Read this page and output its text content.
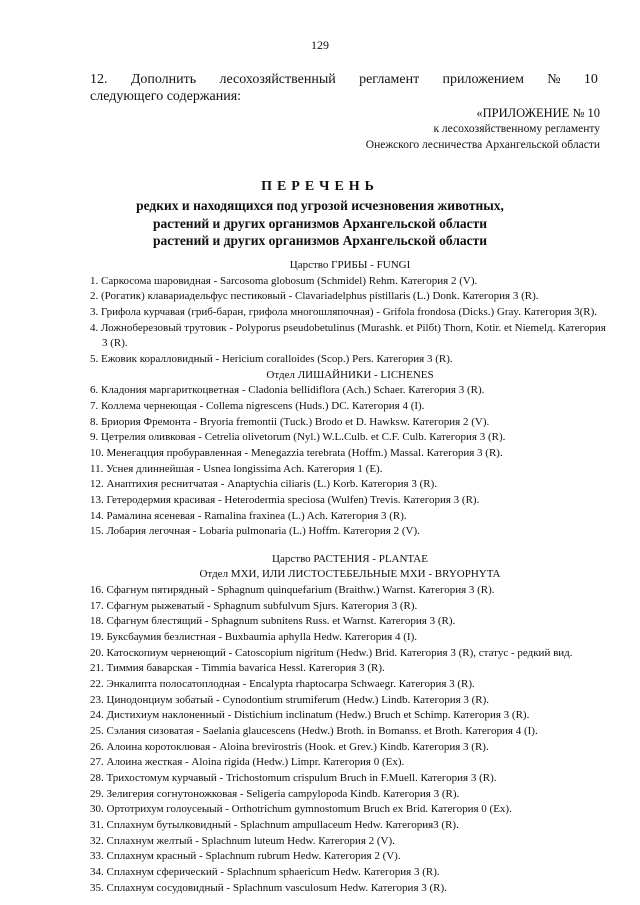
129
12. Дополнить лесохозяйственный регламент приложением № 10
следующего содержания:
«ПРИЛОЖЕНИЕ № 10
к лесохозяйственному регламенту
Онежского лесничества Архангельской области
ПЕРЕЧЕНЬ
редких и находящихся под угрозой исчезновения животных,
растений и других организмов Архангельской области
растений и других организмов Архангельской области
Царство ГРИБЫ - FUNGI
1. Саркосома шаровидная - Sarcosoma globosum (Schmidel) Rehm. Категория 2 (V).
2. (Рогатик) клавариадельфус пестиковый - Clavariadelphus pistillaris (L.) Donk. Категория 3 (R).
3. Грифола курчавая (гриб-баран, грифола многошляпочная) - Grifola frondosa (Dicks.) Gray. Категория 3(R).
4. Ложноберезовый трутовик - Polyporus pseudobetulinus (Murashk. et Pilбt) Thorn, Kotir. et Niemelд. Категория 3 (R).
5. Ежовик коралловидный - Hericium coralloides (Scop.) Pers. Категория 3 (R).
Отдел ЛИШАЙНИКИ - LICHENES
6. Кладония маргариткоцветная - Cladonia bellidiflora (Ach.) Schaer. Категория 3 (R).
7. Коллема чернеющая - Collema nigrescens (Huds.) DC. Категория 4 (I).
8. Бриория Фремонта - Bryoria fremontii (Tuck.) Brodo et D. Hawksw. Категория 2 (V).
9. Цетрелия оливковая - Cetrelia olivetorum (Nyl.) W.L.Culb. et C.F. Culb. Категория 3 (R).
10. Менегацция пробуравленная - Menegazzia terebrata (Hoffm.) Massal. Категория 3 (R).
11. Уснея длиннейшая - Usnea longissima Ach. Категория 1 (E).
12. Анаптихия реснитчатая - Anaptychia ciliaris (L.) Korb. Категория 3 (R).
13. Гетеродермия красивая - Heterodermia speciosa (Wulfen) Trevis. Категория 3 (R).
14. Рамалина ясеневая - Ramalina fraxinea (L.) Ach. Категория 3 (R).
15. Лобария легочная - Lobaria pulmonaria (L.) Hoffm. Категория 2 (V).
Царство РАСТЕНИЯ - PLANTAE
Отдел МХИ, ИЛИ ЛИСТОСТЕБЕЛЬНЫЕ МХИ - BRYOPHYTA
16. Сфагнум пятирядный - Sphagnum quinquefarium (Braithw.) Warnst. Категория 3 (R).
17. Сфагнум рыжеватый - Sphagnum subfulvum Sjurs. Категория 3 (R).
18. Сфагнум блестящий - Sphagnum subnitens Russ. et Warnst. Категория 3 (R).
19. Буксбаумия безлистная - Buxbaumia aphylla Hedw. Категория 4 (I).
20. Катоскопиум чернеющий - Catoscopium nigritum (Hedw.) Brid. Категория 3 (R), статус - редкий вид.
21. Тиммия баварская - Timmia bavarica Hessl. Категория 3 (R).
22. Энкалипта полосатоплодная - Encalypta rhaptocarpa Schwaegr. Категория 3 (R).
23. Цинодонциум зобатый - Cynodontium strumiferum (Hedw.) Lindb. Категория 3 (R).
24. Дистихиум наклоненный - Distichium inclinatum (Hedw.) Bruch et Schimp. Категория 3 (R).
25. Сэлания сизоватая - Saelania glaucescens (Hedw.) Broth. in Bomanss. et Broth. Категория 4 (I).
26. Алоина коротоклювая - Aloina brevirostris (Hook. et Grev.) Kindb. Категория 3 (R).
27. Алоина жесткая - Aloina rigida (Hedw.) Limpr. Категория 0 (Ex).
28. Трихостомум курчавый - Trichostomum crispulum Bruch in F.Muell. Категория 3 (R).
29. Зелигерия согнутоножковая - Seligeria campylopoda Kindb. Категория 3 (R).
30. Ортотрихум голоусеыый - Orthotrichum gymnostomum Bruch ex Brid. Категория 0 (Ex).
31. Сплахнум бутылковидный - Splachnum ampullaceum Hedw. Категория3 (R).
32. Сплахнум желтый - Splachnum luteum Hedw. Категория 2 (V).
33. Сплахнум красный - Splachnum rubrum Hedw. Категория 2 (V).
34. Сплахнум сферический - Splachnum sphaericum Hedw. Категория 3 (R).
35. Сплахнум сосудовидный - Splachnum vasculosum Hedw. Категория 3 (R).
